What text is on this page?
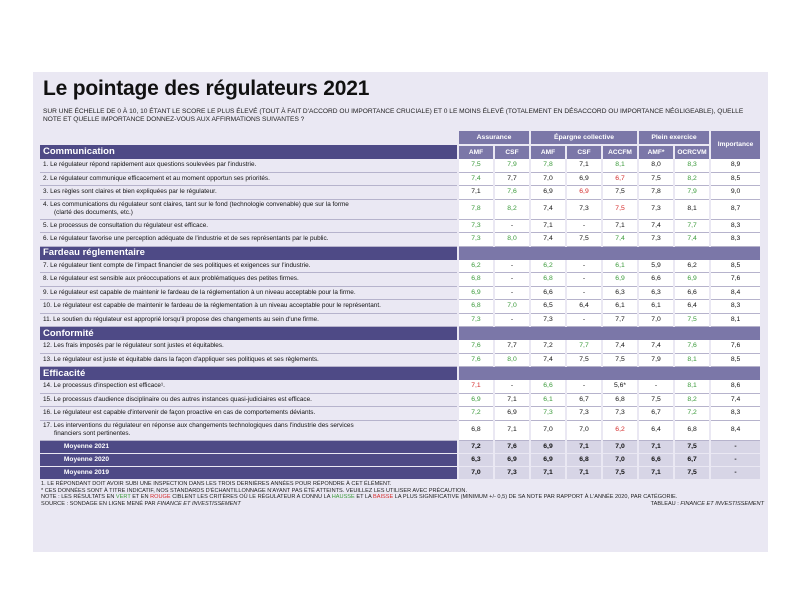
Le pointage des régulateurs 2021
SUR UNE ÉCHELLE DE 0 À 10, 10 ÉTANT LE SCORE LE PLUS ÉLEVÉ (TOUT À FAIT D'ACCORD OU IMPORTANCE CRUCIALE) ET 0 LE MOINS ÉLEVÉ (TOTALEMENT EN DÉSACCORD OU IMPORTANCE NÉGLIGEABLE), QUELLE NOTE ET QUELLE IMPORTANCE DONNEZ-VOUS AUX AFFIRMATIONS SUIVANTES ?
	Assurance		Épargne collective			Plein exercice		Importance
Communication	AMF	CSF	AMF	CSF	ACCFM	AMF*	OCRCVM	
1. Le régulateur répond rapidement aux questions soulevées par l'industrie.	7,5	7,9	7,8	7,1	8,1	8,0	8,3	8,9
2. Le régulateur communique efficacement et au moment opportun ses priorités.	7,4	7,7	7,0	6,9	6,7	7,5	8,2	8,5
3. Les règles sont claires et bien expliquées par le régulateur.	7,1	7,6	6,9	6,9	7,5	7,8	7,9	9,0
4. Les communications du régulateur sont claires, tant sur le fond (technologie convenable) que sur la forme
(clarté des documents, etc.)	7,8	8,2	7,4	7,3	7,5	7,3	8,1	8,7
5. Le processus de consultation du régulateur est efficace.	7,3	-	7,1	-	7,1	7,4	7,7	8,3
6. Le régulateur favorise une perception adéquate de l'industrie et de ses représentants par le public.	7,3	8,0	7,4	7,5	7,4	7,3	7,4	8,3
Fardeau réglementaire								
7. Le régulateur tient compte de l'impact financier de ses politiques et exigences sur l'industrie.	6,2	-	6,2	-	6,1	5,9	6,2	8,5
8. Le régulateur est sensible aux préoccupations et aux problématiques des petites firmes.	6,8	-	6,8	-	6,9	6,6	6,9	7,6
9. Le régulateur est capable de maintenir le fardeau de la réglementation à un niveau acceptable pour la firme.	6,9	-	6,6	-	6,3	6,3	6,6	8,4
10. Le régulateur est capable de maintenir le fardeau de la réglementation à un niveau acceptable pour le représentant.	6,8	7,0	6,5	6,4	6,1	6,1	6,4	8,3
11. Le soutien du régulateur est approprié lorsqu'il propose des changements au sein d'une firme.	7,3	-	7,3	-	7,7	7,0	7,5	8,1
Conformité								
12. Les frais imposés par le régulateur sont justes et équitables.	7,6	7,7	7,2	7,7	7,4	7,4	7,6	7,6
13. Le régulateur est juste et équitable dans la façon d'appliquer ses politiques et ses règlements.	7,6	8,0	7,4	7,5	7,5	7,9	8,1	8,5
Efficacité								
14. Le processus d'inspection est efficace¹.	7,1	-	6,6	-	5,6*	-	8,1	8,6
15. Le processus d'audience disciplinaire ou des autres instances quasi-judiciaires est efficace.	6,9	7,1	6,1	6,7	6,8	7,5	8,2	7,4
16. Le régulateur est capable d'intervenir de façon proactive en cas de comportements déviants.	7,2	6,9	7,3	7,3	7,3	6,7	7,2	8,3
17. Les interventions du régulateur en réponse aux changements technologiques dans l'industrie des services
financiers sont pertinentes.	6,8	7,1	7,0	7,0	6,2	6,4	6,8	8,4
Moyenne 2021	7,2	7,6	6,9	7,1	7,0	7,1	7,5	-
Moyenne 2020	6,3	6,9	6,9	6,8	7,0	6,6	6,7	-
Moyenne 2019	7,0	7,3	7,1	7,1	7,5	7,1	7,5	-
1. LE RÉPONDANT DOIT AVOIR SUBI UNE INSPECTION DANS LES TROIS DERNIÈRES ANNÉES POUR RÉPONDRE À CET ÉLÉMENT.
* CES DONNÉES SONT À TITRE INDICATIF, NOS STANDARDS D'ÉCHANTILLONNAGE N'AYANT PAS ÉTÉ ATTEINTS. VEUILLEZ LES UTILISER AVEC PRÉCAUTION.
NOTE : LES RÉSULTATS EN VERT ET EN ROUGE CIBLENT LES CRITÈRES OÙ LE RÉGULATEUR A CONNU LA HAUSSE ET LA BAISSE LA PLUS SIGNIFICATIVE (MINIMUM +/- 0,5) DE SA NOTE PAR RAPPORT À L'ANNÉE 2020, PAR CATÉGORIE.
SOURCE : SONDAGE EN LIGNE MENÉ PAR FINANCE ET INVESTISSEMENT	TABLEAU : FINANCE ET INVESTISSEMENT
